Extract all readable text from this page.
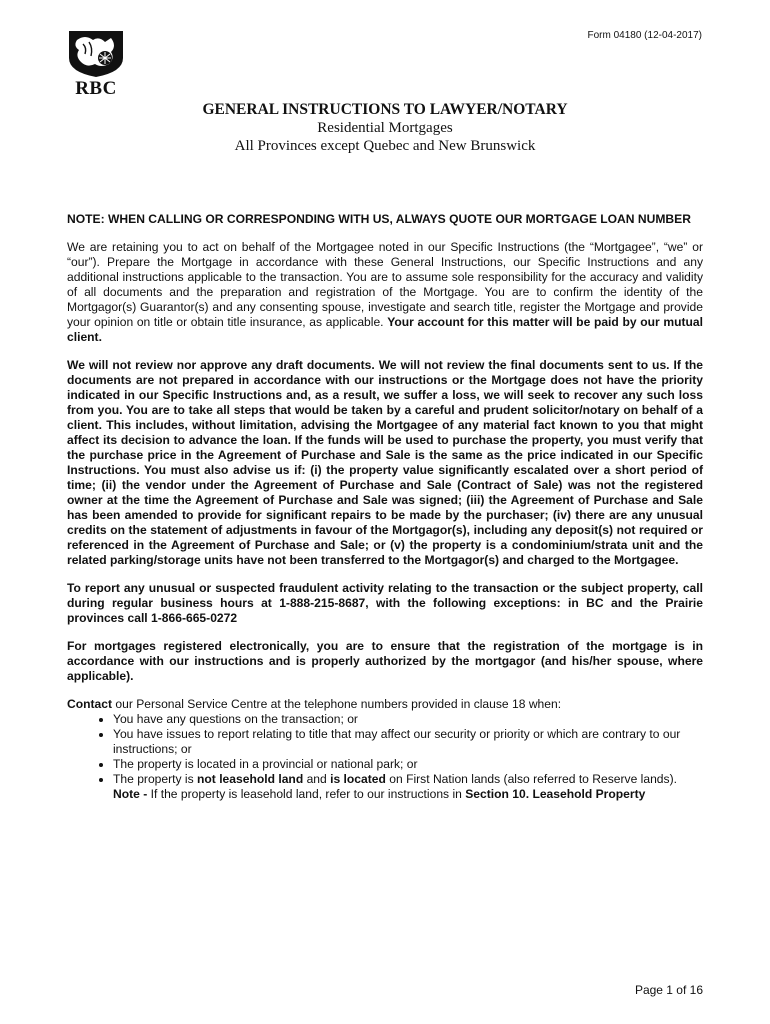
Form 04180 (12-04-2017)
RBC
GENERAL INSTRUCTIONS TO LAWYER/NOTARY
Residential Mortgages
All Provinces except Quebec and New Brunswick
NOTE: WHEN CALLING OR CORRESPONDING WITH US, ALWAYS QUOTE OUR MORTGAGE LOAN NUMBER

We are retaining you to act on behalf of the Mortgagee noted in our Specific Instructions (the “Mortgagee”, “we” or “our”). Prepare the Mortgage in accordance with these General Instructions, our Specific Instructions and any additional instructions applicable to the transaction. You are to assume sole responsibility for the accuracy and validity of all documents and the preparation and registration of the Mortgage. You are to confirm the identity of the Mortgagor(s) Guarantor(s) and any consenting spouse, investigate and search title, register the Mortgage and provide your opinion on title or obtain title insurance, as applicable. Your account for this matter will be paid by our mutual client.

We will not review nor approve any draft documents. We will not review the final documents sent to us. If the documents are not prepared in accordance with our instructions or the Mortgage does not have the priority indicated in our Specific Instructions and, as a result, we suffer a loss, we will seek to recover any such loss from you. You are to take all steps that would be taken by a careful and prudent solicitor/notary on behalf of a client. This includes, without limitation, advising the Mortgagee of any material fact known to you that might affect its decision to advance the loan. If the funds will be used to purchase the property, you must verify that the purchase price in the Agreement of Purchase and Sale is the same as the price indicated in our Specific Instructions. You must also advise us if: (i) the property value significantly escalated over a short period of time; (ii) the vendor under the Agreement of Purchase and Sale (Contract of Sale) was not the registered owner at the time the Agreement of Purchase and Sale was signed; (iii) the Agreement of Purchase and Sale has been amended to provide for significant repairs to be made by the purchaser; (iv) there are any unusual credits on the statement of adjustments in favour of the Mortgagor(s), including any deposit(s) not required or referenced in the Agreement of Purchase and Sale; or (v) the property is a condominium/strata unit and the related parking/storage units have not been transferred to the Mortgagor(s) and charged to the Mortgagee.

To report any unusual or suspected fraudulent activity relating to the transaction or the subject property, call during regular business hours at 1-888-215-8687, with the following exceptions: in BC and the Prairie provinces call 1-866-665-0272

For mortgages registered electronically, you are to ensure that the registration of the mortgage is in accordance with our instructions and is properly authorized by the mortgagor (and his/her spouse, where applicable).

Contact our Personal Service Centre at the telephone numbers provided in clause 18 when:
• You have any questions on the transaction; or
• You have issues to report relating to title that may affect our security or priority or which are contrary to our instructions; or
• The property is located in a provincial or national park; or
• The property is not leasehold land and is located on First Nation lands (also referred to Reserve lands).
Note - If the property is leasehold land, refer to our instructions in Section 10. Leasehold Property
Page 1 of 16
